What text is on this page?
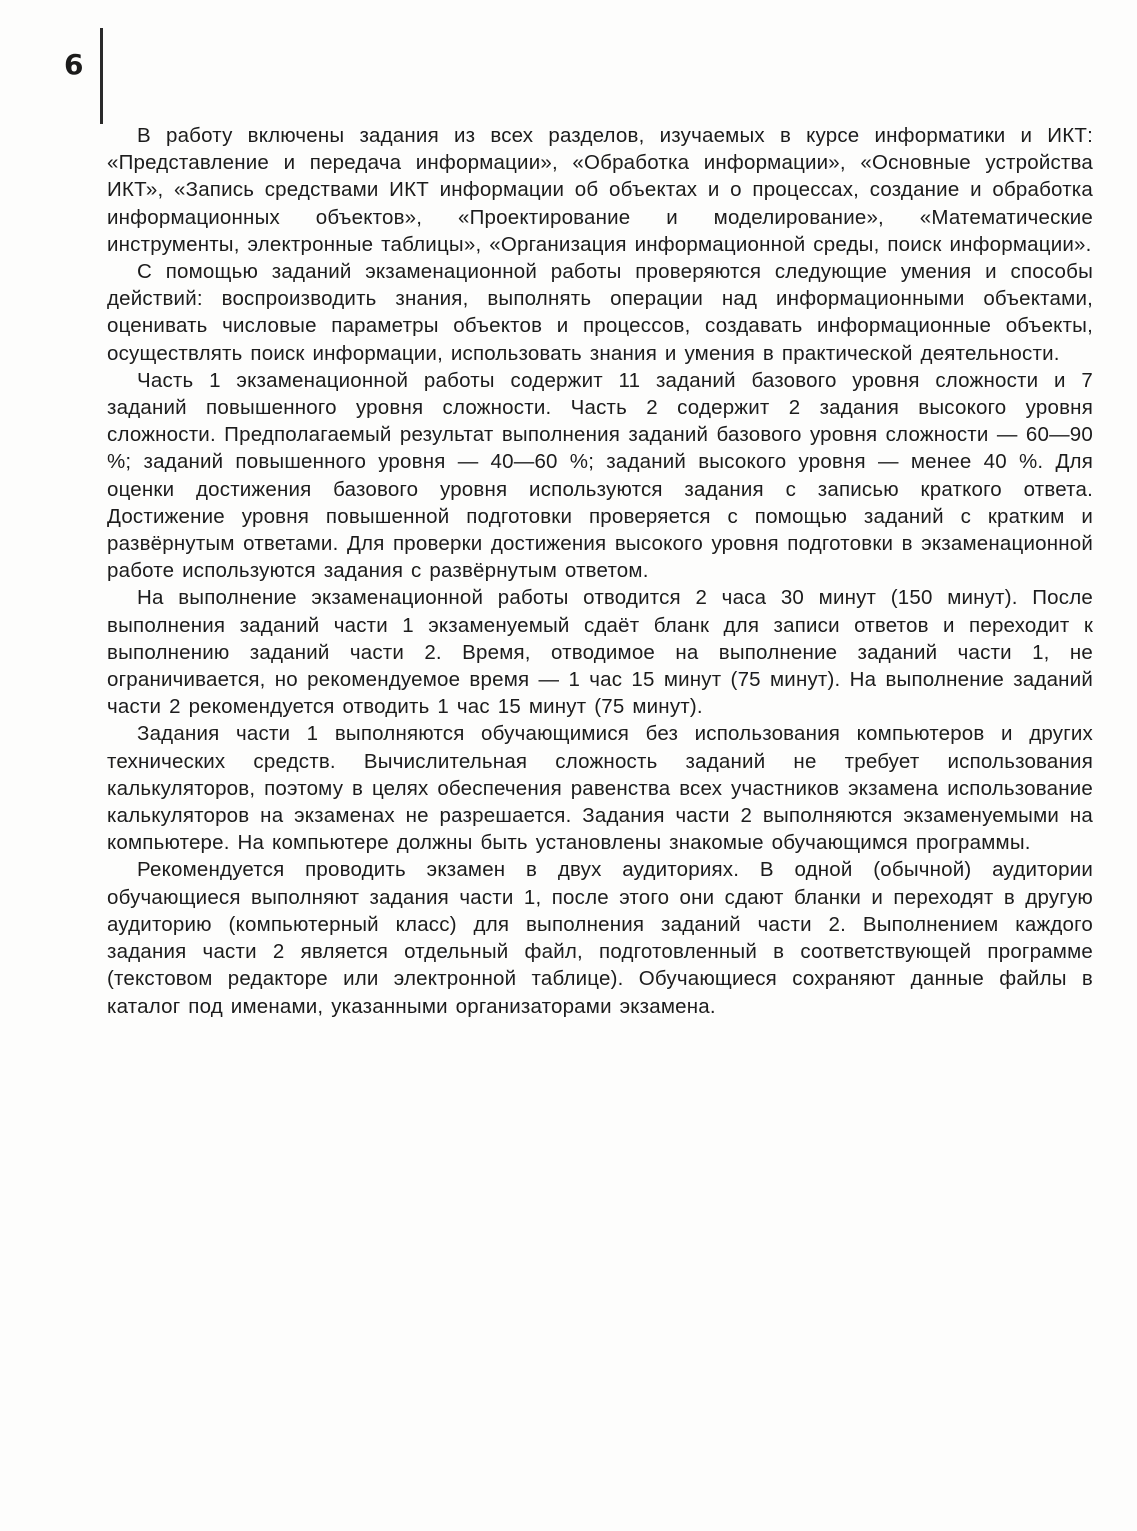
6

В работу включены задания из всех разделов, изучаемых в курсе информатики и ИКТ: «Представление и передача информации», «Обработка информации», «Основные устройства ИКТ», «Запись средствами ИКТ информации об объектах и о процессах, создание и обработка информационных объектов», «Проектирование и моделирование», «Математические инструменты, электронные таблицы», «Организация информационной среды, поиск информации».

С помощью заданий экзаменационной работы проверяются следующие умения и способы действий: воспроизводить знания, выполнять операции над информационными объектами, оценивать числовые параметры объектов и процессов, создавать информационные объекты, осуществлять поиск информации, использовать знания и умения в практической деятельности.

Часть 1 экзаменационной работы содержит 11 заданий базового уровня сложности и 7 заданий повышенного уровня сложности. Часть 2 содержит 2 задания высокого уровня сложности. Предполагаемый результат выполнения заданий базового уровня сложности — 60—90 %; заданий повышенного уровня — 40—60 %; заданий высокого уровня — менее 40 %. Для оценки достижения базового уровня используются задания с записью краткого ответа. Достижение уровня повышенной подготовки проверяется с помощью заданий с кратким и развёрнутым ответами. Для проверки достижения высокого уровня подготовки в экзаменационной работе используются задания с развёрнутым ответом.

На выполнение экзаменационной работы отводится 2 часа 30 минут (150 минут). После выполнения заданий части 1 экзаменуемый сдаёт бланк для записи ответов и переходит к выполнению заданий части 2. Время, отводимое на выполнение заданий части 1, не ограничивается, но рекомендуемое время — 1 час 15 минут (75 минут). На выполнение заданий части 2 рекомендуется отводить 1 час 15 минут (75 минут).

Задания части 1 выполняются обучающимися без использования компьютеров и других технических средств. Вычислительная сложность заданий не требует использования калькуляторов, поэтому в целях обеспечения равенства всех участников экзамена использование калькуляторов на экзаменах не разрешается. Задания части 2 выполняются экзаменуемыми на компьютере. На компьютере должны быть установлены знакомые обучающимся программы.

Рекомендуется проводить экзамен в двух аудиториях. В одной (обычной) аудитории обучающиеся выполняют задания части 1, после этого они сдают бланки и переходят в другую аудиторию (компьютерный класс) для выполнения заданий части 2. Выполнением каждого задания части 2 является отдельный файл, подготовленный в соответствующей программе (текстовом редакторе или электронной таблице). Обучающиеся сохраняют данные файлы в каталог под именами, указанными организаторами экзамена.
